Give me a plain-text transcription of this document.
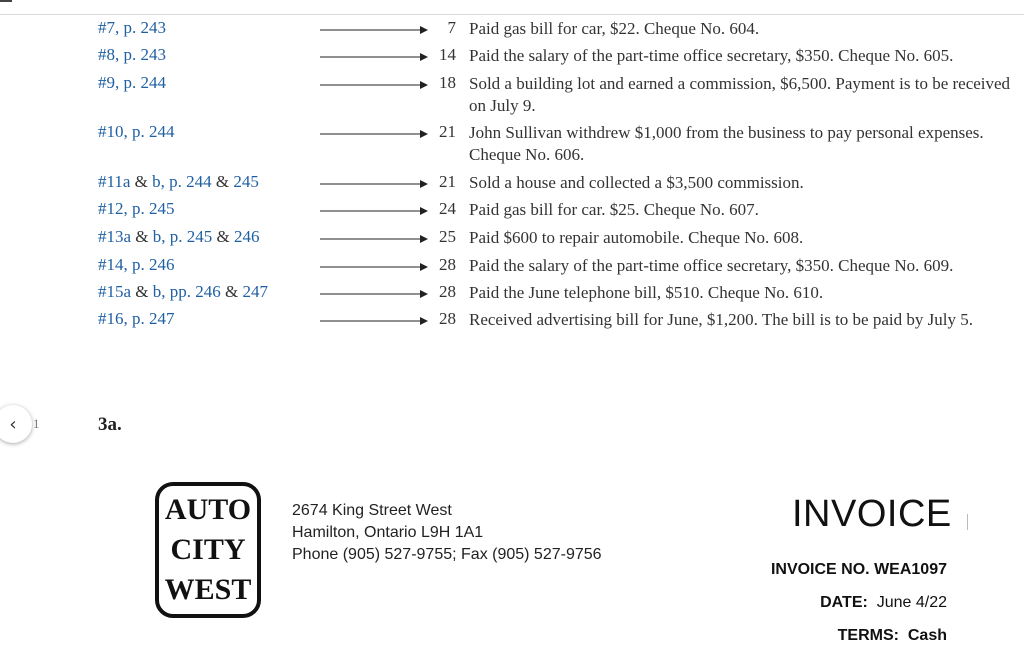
#7, p. 243	7 Paid gas bill for car, $22. Cheque No. 604.
#8, p. 243	14 Paid the salary of the part-time office secretary, $350. Cheque No. 605.
#9, p. 244	18 Sold a building lot and earned a commission, $6,500. Payment is to be received on July 9.
#10, p. 244	21 John Sullivan withdrew $1,000 from the business to pay personal expenses. Cheque No. 606.
#11a & b, p. 244 & 245	21 Sold a house and collected a $3,500 commission.
#12, p. 245	24 Paid gas bill for car. $25. Cheque No. 607.
#13a & b, p. 245 & 246	25 Paid $600 to repair automobile. Cheque No. 608.
#14, p. 246	28 Paid the salary of the part-time office secretary, $350. Cheque No. 609.
#15a & b, pp. 246 & 247	28 Paid the June telephone bill, $510. Cheque No. 610.
#16, p. 247	28 Received advertising bill for June, $1,200. The bill is to be paid by July 5.
‹ 1	3a.
AUTO
CITY
WEST
2674 King Street West
Hamilton, Ontario L9H 1A1
Phone (905) 527-9755; Fax (905) 527-9756
INVOICE
INVOICE NO. WEA1097
DATE: June 4/22
TERMS: Cash
